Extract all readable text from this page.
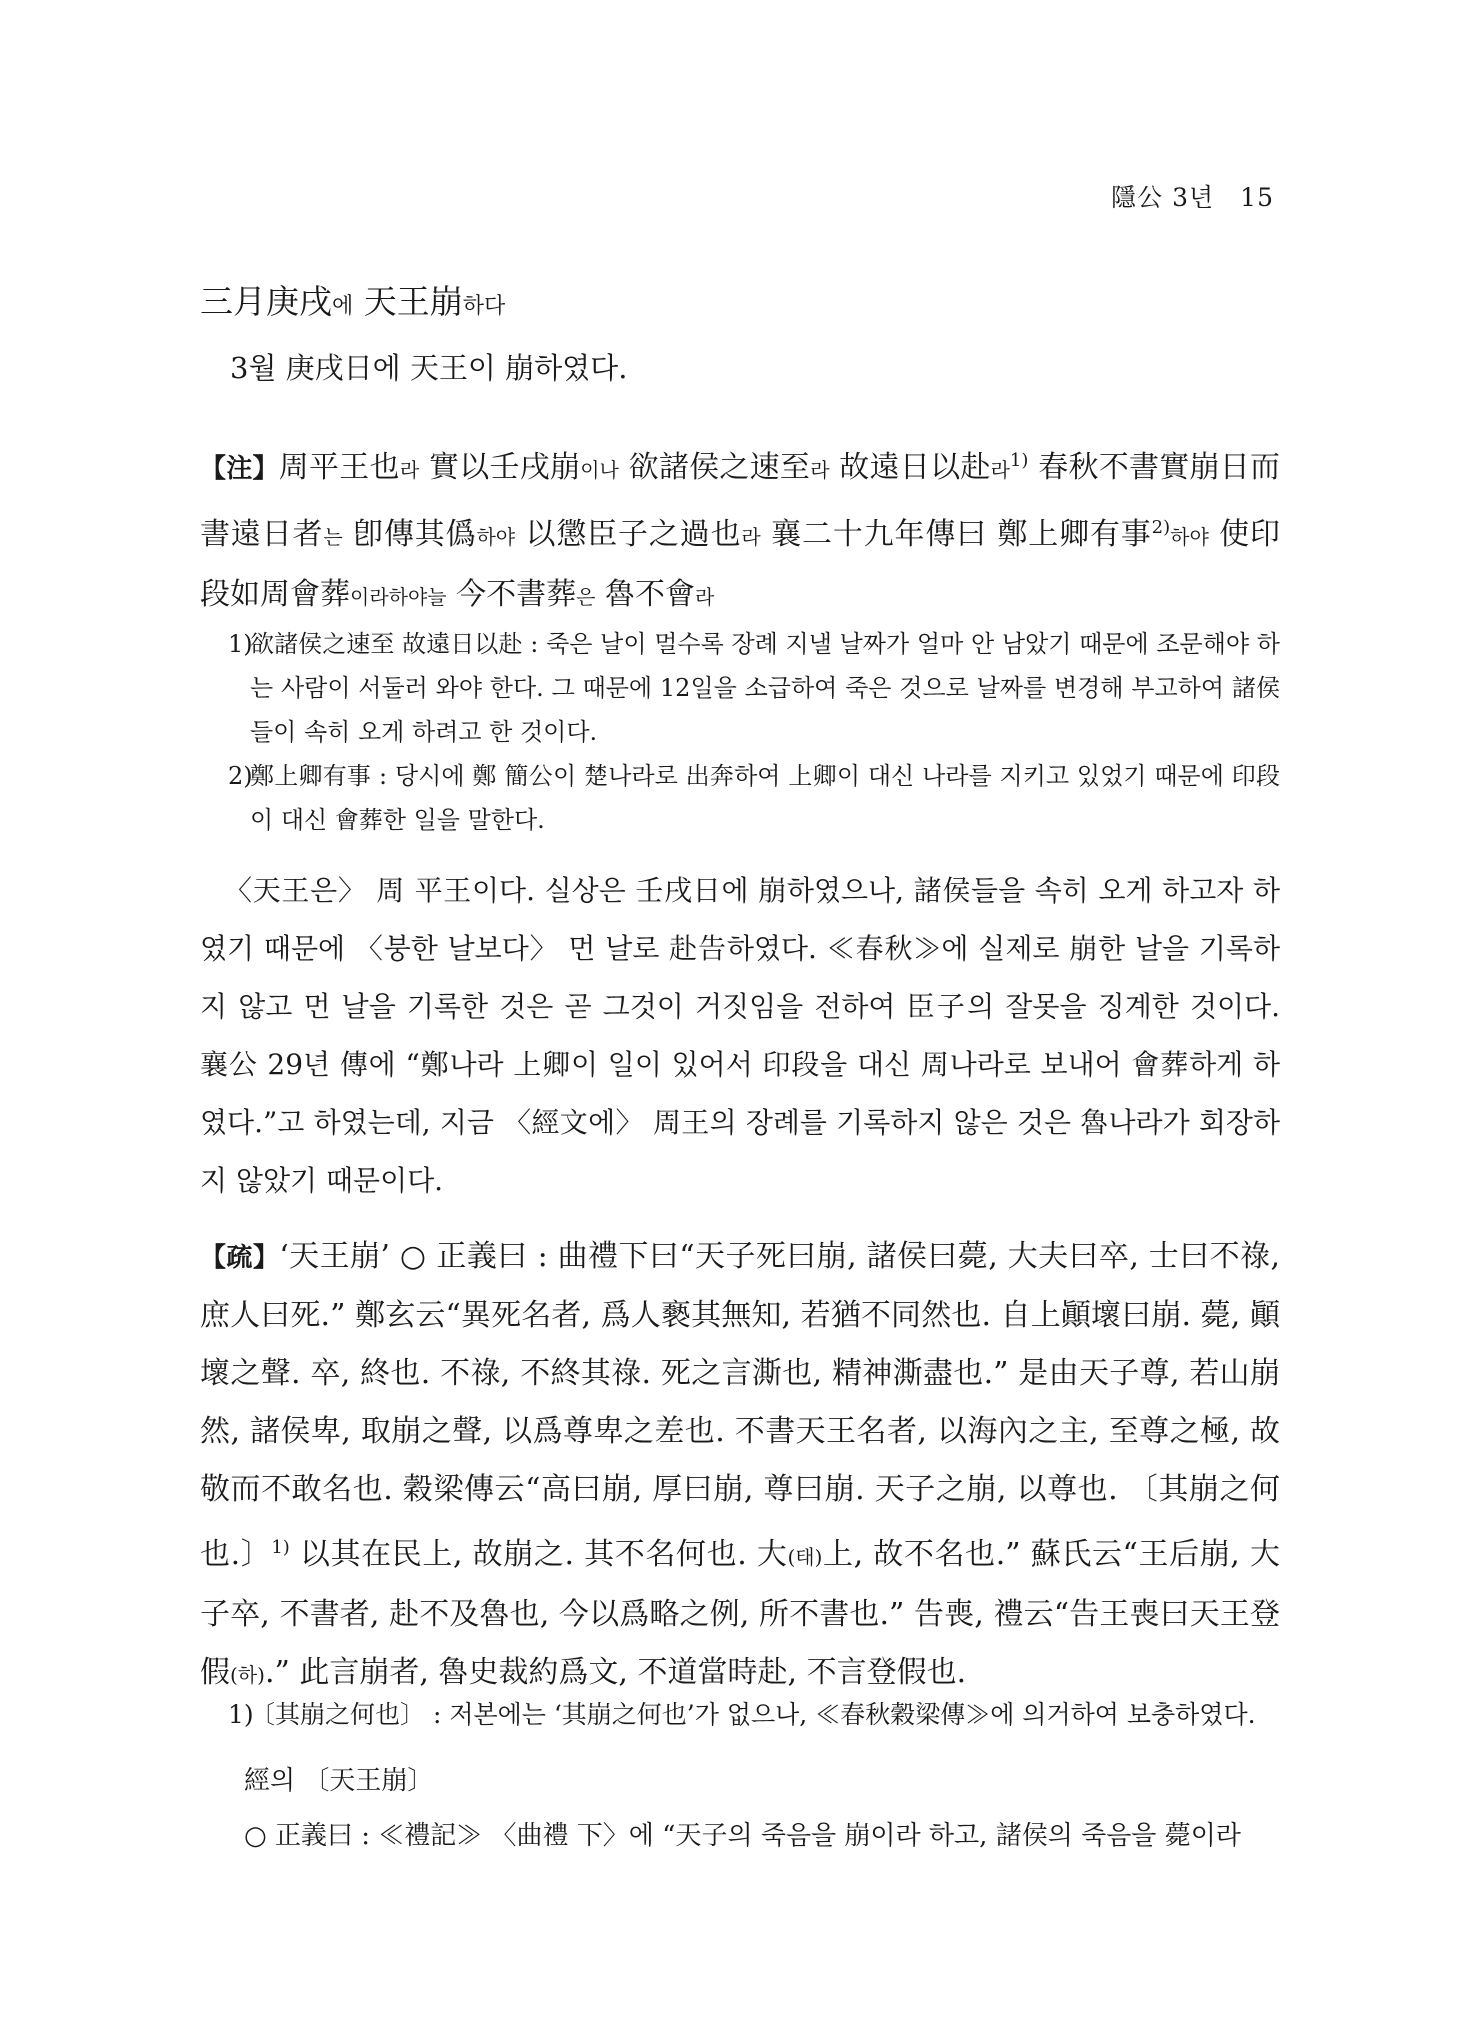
隱公 3년　15
三月庚戌에 天王崩하다
3월 庚戌日에 天王이 崩하였다.
【注】周平王也라 實以壬戌崩이나 欲諸侯之速至라 故遠日以赴라$^{1)}$ 春秋不書實崩日而書遠日者는 卽傳其僞하야 以懲臣子之過也라 襄二十九年傳曰 鄭上卿有事$^{2)}$하야 使印段如周會葬이라하야늘 今不書葬은 魯不會라
1)
欲諸侯之速至 故遠日以赴 : 죽은 날이 멀수록 장례 지낼 날짜가 얼마 안 남았기 때문에 조문해야 하는 사람이 서둘러 와야 한다. 그 때문에 12일을 소급하여 죽은 것으로 날짜를 변경해 부고하여 諸侯들이 속히 오게 하려고 한 것이다.
2)
鄭上卿有事 : 당시에 鄭 簡公이 楚나라로 出奔하여 上卿이 대신 나라를 지키고 있었기 때문에 印段이 대신 會葬한 일을 말한다.
〈天王은〉 周 平王이다. 실상은 壬戌日에 崩하였으나, 諸侯들을 속히 오게 하고자 하였기 때문에 〈붕한 날보다〉 먼 날로 赴告하였다. ≪春秋≫에 실제로 崩한 날을 기록하지 않고 먼 날을 기록한 것은 곧 그것이 거짓임을 전하여 臣子의 잘못을 징계한 것이다. 襄公 29년 傳에 “鄭나라 上卿이 일이 있어서 印段을 대신 周나라로 보내어 會葬하게 하였다.”고 하였는데, 지금 〈經文에〉 周王의 장례를 기록하지 않은 것은 魯나라가 회장하지 않았기 때문이다.
【疏】‘天王崩’ ○ 正義曰 : 曲禮下曰“天子死曰崩, 諸侯曰薨, 大夫曰卒, 士曰不祿, 庶人曰死.” 鄭玄云“異死名者, 爲人褻其無知, 若猶不同然也. 自上顚壞曰崩. 薨, 顚壞之聲. 卒, 終也. 不祿, 不終其祿. 死之言澌也, 精神澌盡也.” 是由天子尊, 若山崩然, 諸侯卑, 取崩之聲, 以爲尊卑之差也. 不書天王名者, 以海內之主, 至尊之極, 故敬而不敢名也. 穀梁傳云“高曰崩, 厚曰崩, 尊曰崩. 天子之崩, 以尊也. 〔其崩之何也.〕$^{1)}$ 以其在民上, 故崩之. 其不名何也. 大(태)上, 故不名也.” 蘇氏云“王后崩, 大子卒, 不書者, 赴不及魯也, 今以爲略之例, 所不書也.” 告喪, 禮云“告王喪曰天王登假(하).” 此言崩者, 魯史裁約爲文, 不道當時赴, 不言登假也.
1)
〔其崩之何也〕 : 저본에는 ‘其崩之何也’가 없으나, ≪春秋穀梁傳≫에 의거하여 보충하였다.
經의 〔天王崩〕
○ 正義曰 : ≪禮記≫ 〈曲禮 下〉에 “天子의 죽음을 崩이라 하고, 諸侯의 죽음을 薨이라
